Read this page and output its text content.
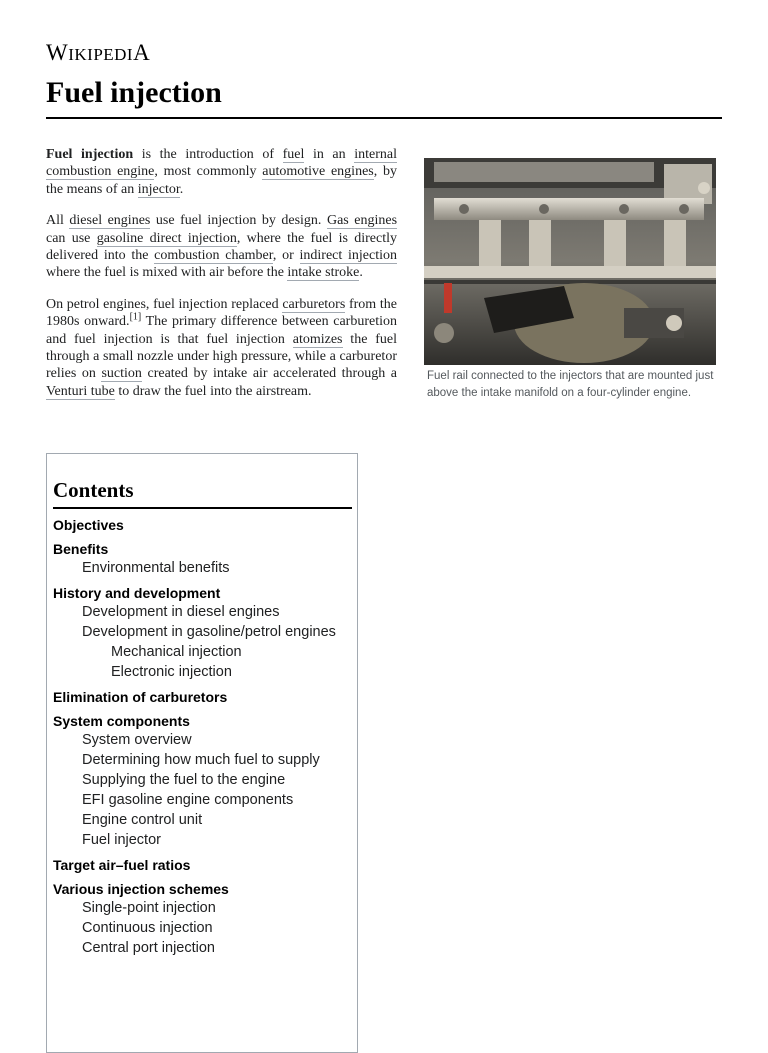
WIKIPEDIA
Fuel injection

Fuel injection is the introduction of fuel in an internal combustion engine, most commonly automotive engines, by the means of an injector.

All diesel engines use fuel injection by design. Gas engines can use gasoline direct injection, where the fuel is directly delivered into the combustion chamber, or indirect injection where the fuel is mixed with air before the intake stroke.

On petrol engines, fuel injection replaced carburetors from the 1980s onward.[1] The primary difference between carburetion and fuel injection is that fuel injection atomizes the fuel through a small nozzle under high pressure, while a carburetor relies on suction created by intake air accelerated through a Venturi tube to draw the fuel into the airstream.

Fuel rail connected to the injectors that are mounted just above the intake manifold on a four-cylinder engine.
Contents
Objectives
Benefits
Environmental benefits
History and development
Development in diesel engines
Development in gasoline/petrol engines
Mechanical injection
Electronic injection
Elimination of carburetors
System components
System overview
Determining how much fuel to supply
Supplying the fuel to the engine
EFI gasoline engine components
Engine control unit
Fuel injector
Target air–fuel ratios
Various injection schemes
Single-point injection
Continuous injection
Central port injection
